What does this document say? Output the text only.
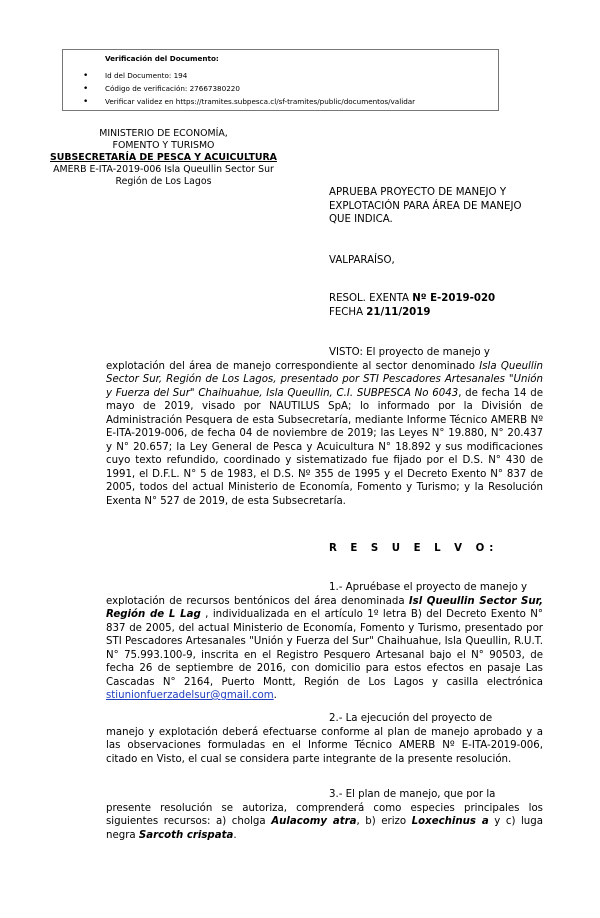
Verificación del Documento:
• Id del Documento: 194
• Código de verificación: 27667380220
• Verificar validez en https://tramites.subpesca.cl/sf-tramites/public/documentos/validar
MINISTERIO DE ECONOMÍA,
FOMENTO Y TURISMO
SUBSECRETARÍA DE PESCA Y ACUICULTURA
AMERB E-ITA-2019-006 Isla Queullin Sector Sur
Región de Los Lagos
APRUEBA PROYECTO DE MANEJO Y
EXPLOTACIÓN PARA ÁREA DE MANEJO
QUE INDICA.
VALPARAÍSO,
RESOL. EXENTA Nº E-2019-020
FECHA 21/11/2019
VISTO: El proyecto de manejo y
explotación del área de manejo correspondiente al sector denominado Isla Queullin Sector Sur, Región de Los Lagos, presentado por STI Pescadores Artesanales "Unión y Fuerza del Sur" Chaihuahue, Isla Queullin, C.I. SUBPESCA No 6043, de fecha 14 de mayo de 2019, visado por NAUTILUS SpA; lo informado por la División de Administración Pesquera de esta Subsecretaría, mediante Informe Técnico AMERB Nº E-ITA-2019-006, de fecha 04 de noviembre de 2019; las Leyes N° 19.880, N° 20.437 y N° 20.657; la Ley General de Pesca y Acuicultura N° 18.892 y sus modificaciones cuyo texto refundido, coordinado y sistematizado fue fijado por el D.S. N° 430 de 1991, el D.F.L. N° 5 de 1983, el D.S. Nº 355 de 1995 y el Decreto Exento N° 837 de 2005, todos del actual Ministerio de Economía, Fomento y Turismo; y la Resolución Exenta N° 527 de 2019, de esta Subsecretaría.
R E S U E L V O:
1.- Apruébase el proyecto de manejo y
explotación de recursos bentónicos del área denominada Isl Queullin Sector Sur, Región de L Lag , individualizada en el artículo 1º letra B) del Decreto Exento N° 837 de 2005, del actual Ministerio de Economía, Fomento y Turismo, presentado por STI Pescadores Artesanales "Unión y Fuerza del Sur" Chaihuahue, Isla Queullin, R.U.T. N° 75.993.100-9, inscrita en el Registro Pesquero Artesanal bajo el N° 90503, de fecha 26 de septiembre de 2016, con domicilio para estos efectos en pasaje Las Cascadas N° 2164, Puerto Montt, Región de Los Lagos y casilla electrónica stiunionfuerzadelsur@gmail.com.
2.- La ejecución del proyecto de
manejo y explotación deberá efectuarse conforme al plan de manejo aprobado y a las observaciones formuladas en el Informe Técnico AMERB Nº E-ITA-2019-006, citado en Visto, el cual se considera parte integrante de la presente resolución.
3.- El plan de manejo, que por la
presente resolución se autoriza, comprenderá como especies principales los siguientes recursos: a) cholga Aulacomy atra, b) erizo Loxechinus a y c) luga negra Sarcoth crispata.
